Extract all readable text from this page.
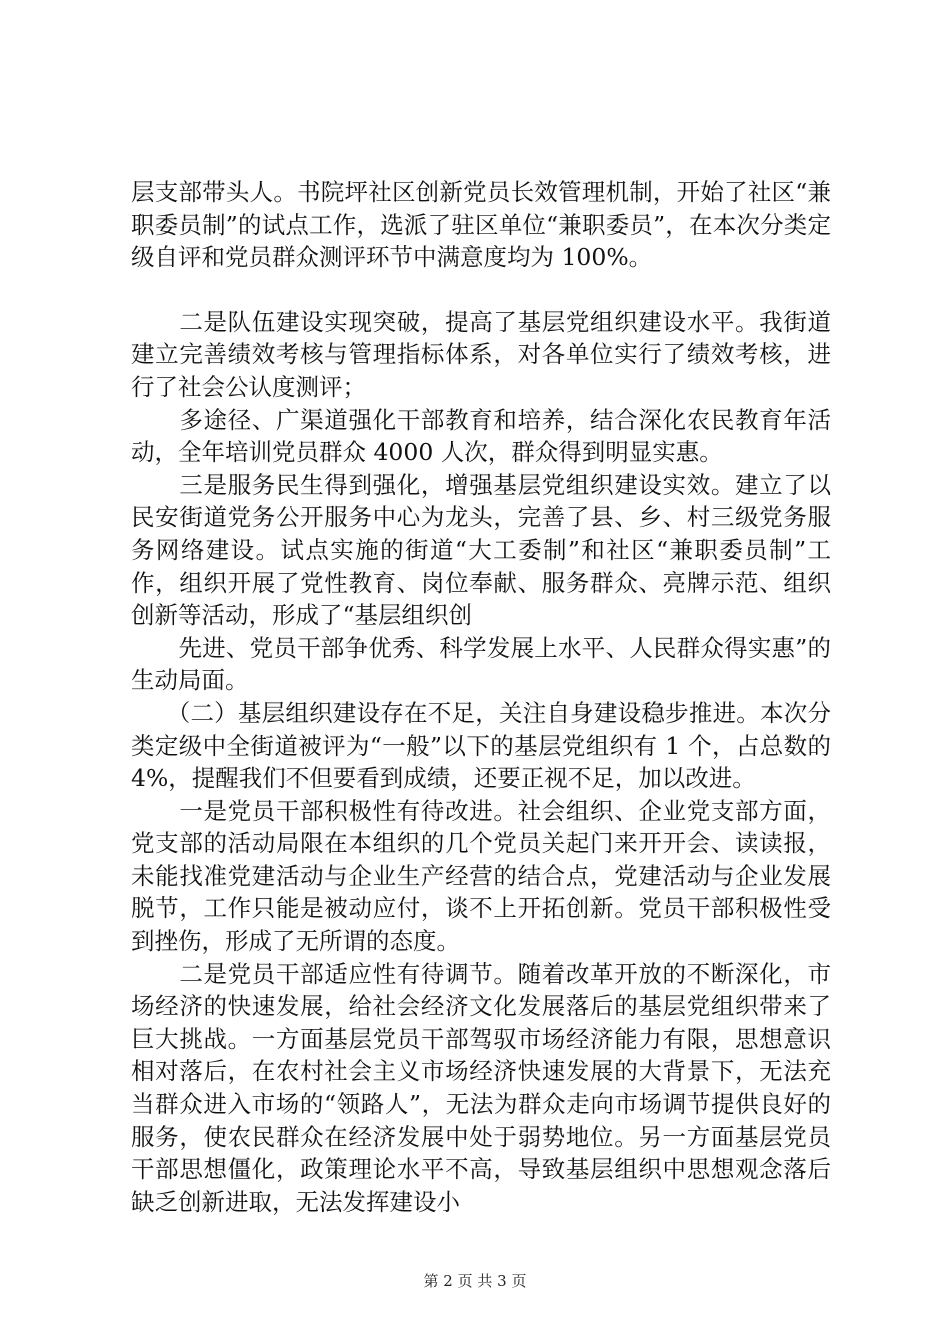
层支部带头人。书院坪社区创新党员长效管理机制，开始了社区“兼职委员制”的试点工作，选派了驻区单位“兼职委员”，在本次分类定级自评和党员群众测评环节中满意度均为 100%。

　　二是队伍建设实现突破，提高了基层党组织建设水平。我街道建立完善绩效考核与管理指标体系，对各单位实行了绩效考核，进行了社会公认度测评；

　　多途径、广渠道强化干部教育和培养，结合深化农民教育年活动，全年培训党员群众 4000 人次，群众得到明显实惠。

　　三是服务民生得到强化，增强基层党组织建设实效。建立了以民安街道党务公开服务中心为龙头，完善了县、乡、村三级党务服务网络建设。试点实施的街道“大工委制”和社区“兼职委员制”工作，组织开展了党性教育、岗位奉献、服务群众、亮牌示范、组织创新等活动，形成了“基层组织创

　　先进、党员干部争优秀、科学发展上水平、人民群众得实惠”的生动局面。

　　（二）基层组织建设存在不足，关注自身建设稳步推进。本次分类定级中全街道被评为“一般”以下的基层党组织有 1 个，占总数的 4%，提醒我们不但要看到成绩，还要正视不足，加以改进。

　　一是党员干部积极性有待改进。社会组织、企业党支部方面，党支部的活动局限在本组织的几个党员关起门来开开会、读读报，未能找准党建活动与企业生产经营的结合点，党建活动与企业发展脱节，工作只能是被动应付，谈不上开拓创新。党员干部积极性受到挫伤，形成了无所谓的态度。

　　二是党员干部适应性有待调节。随着改革开放的不断深化，市场经济的快速发展，给社会经济文化发展落后的基层党组织带来了巨大挑战。一方面基层党员干部驾驭市场经济能力有限，思想意识相对落后，在农村社会主义市场经济快速发展的大背景下，无法充当群众进入市场的“领路人”，无法为群众走向市场调节提供良好的服务，使农民群众在经济发展中处于弱势地位。另一方面基层党员干部思想僵化，政策理论水平不高，导致基层组织中思想观念落后缺乏创新进取，无法发挥建设小

第 2 页 共 3 页
